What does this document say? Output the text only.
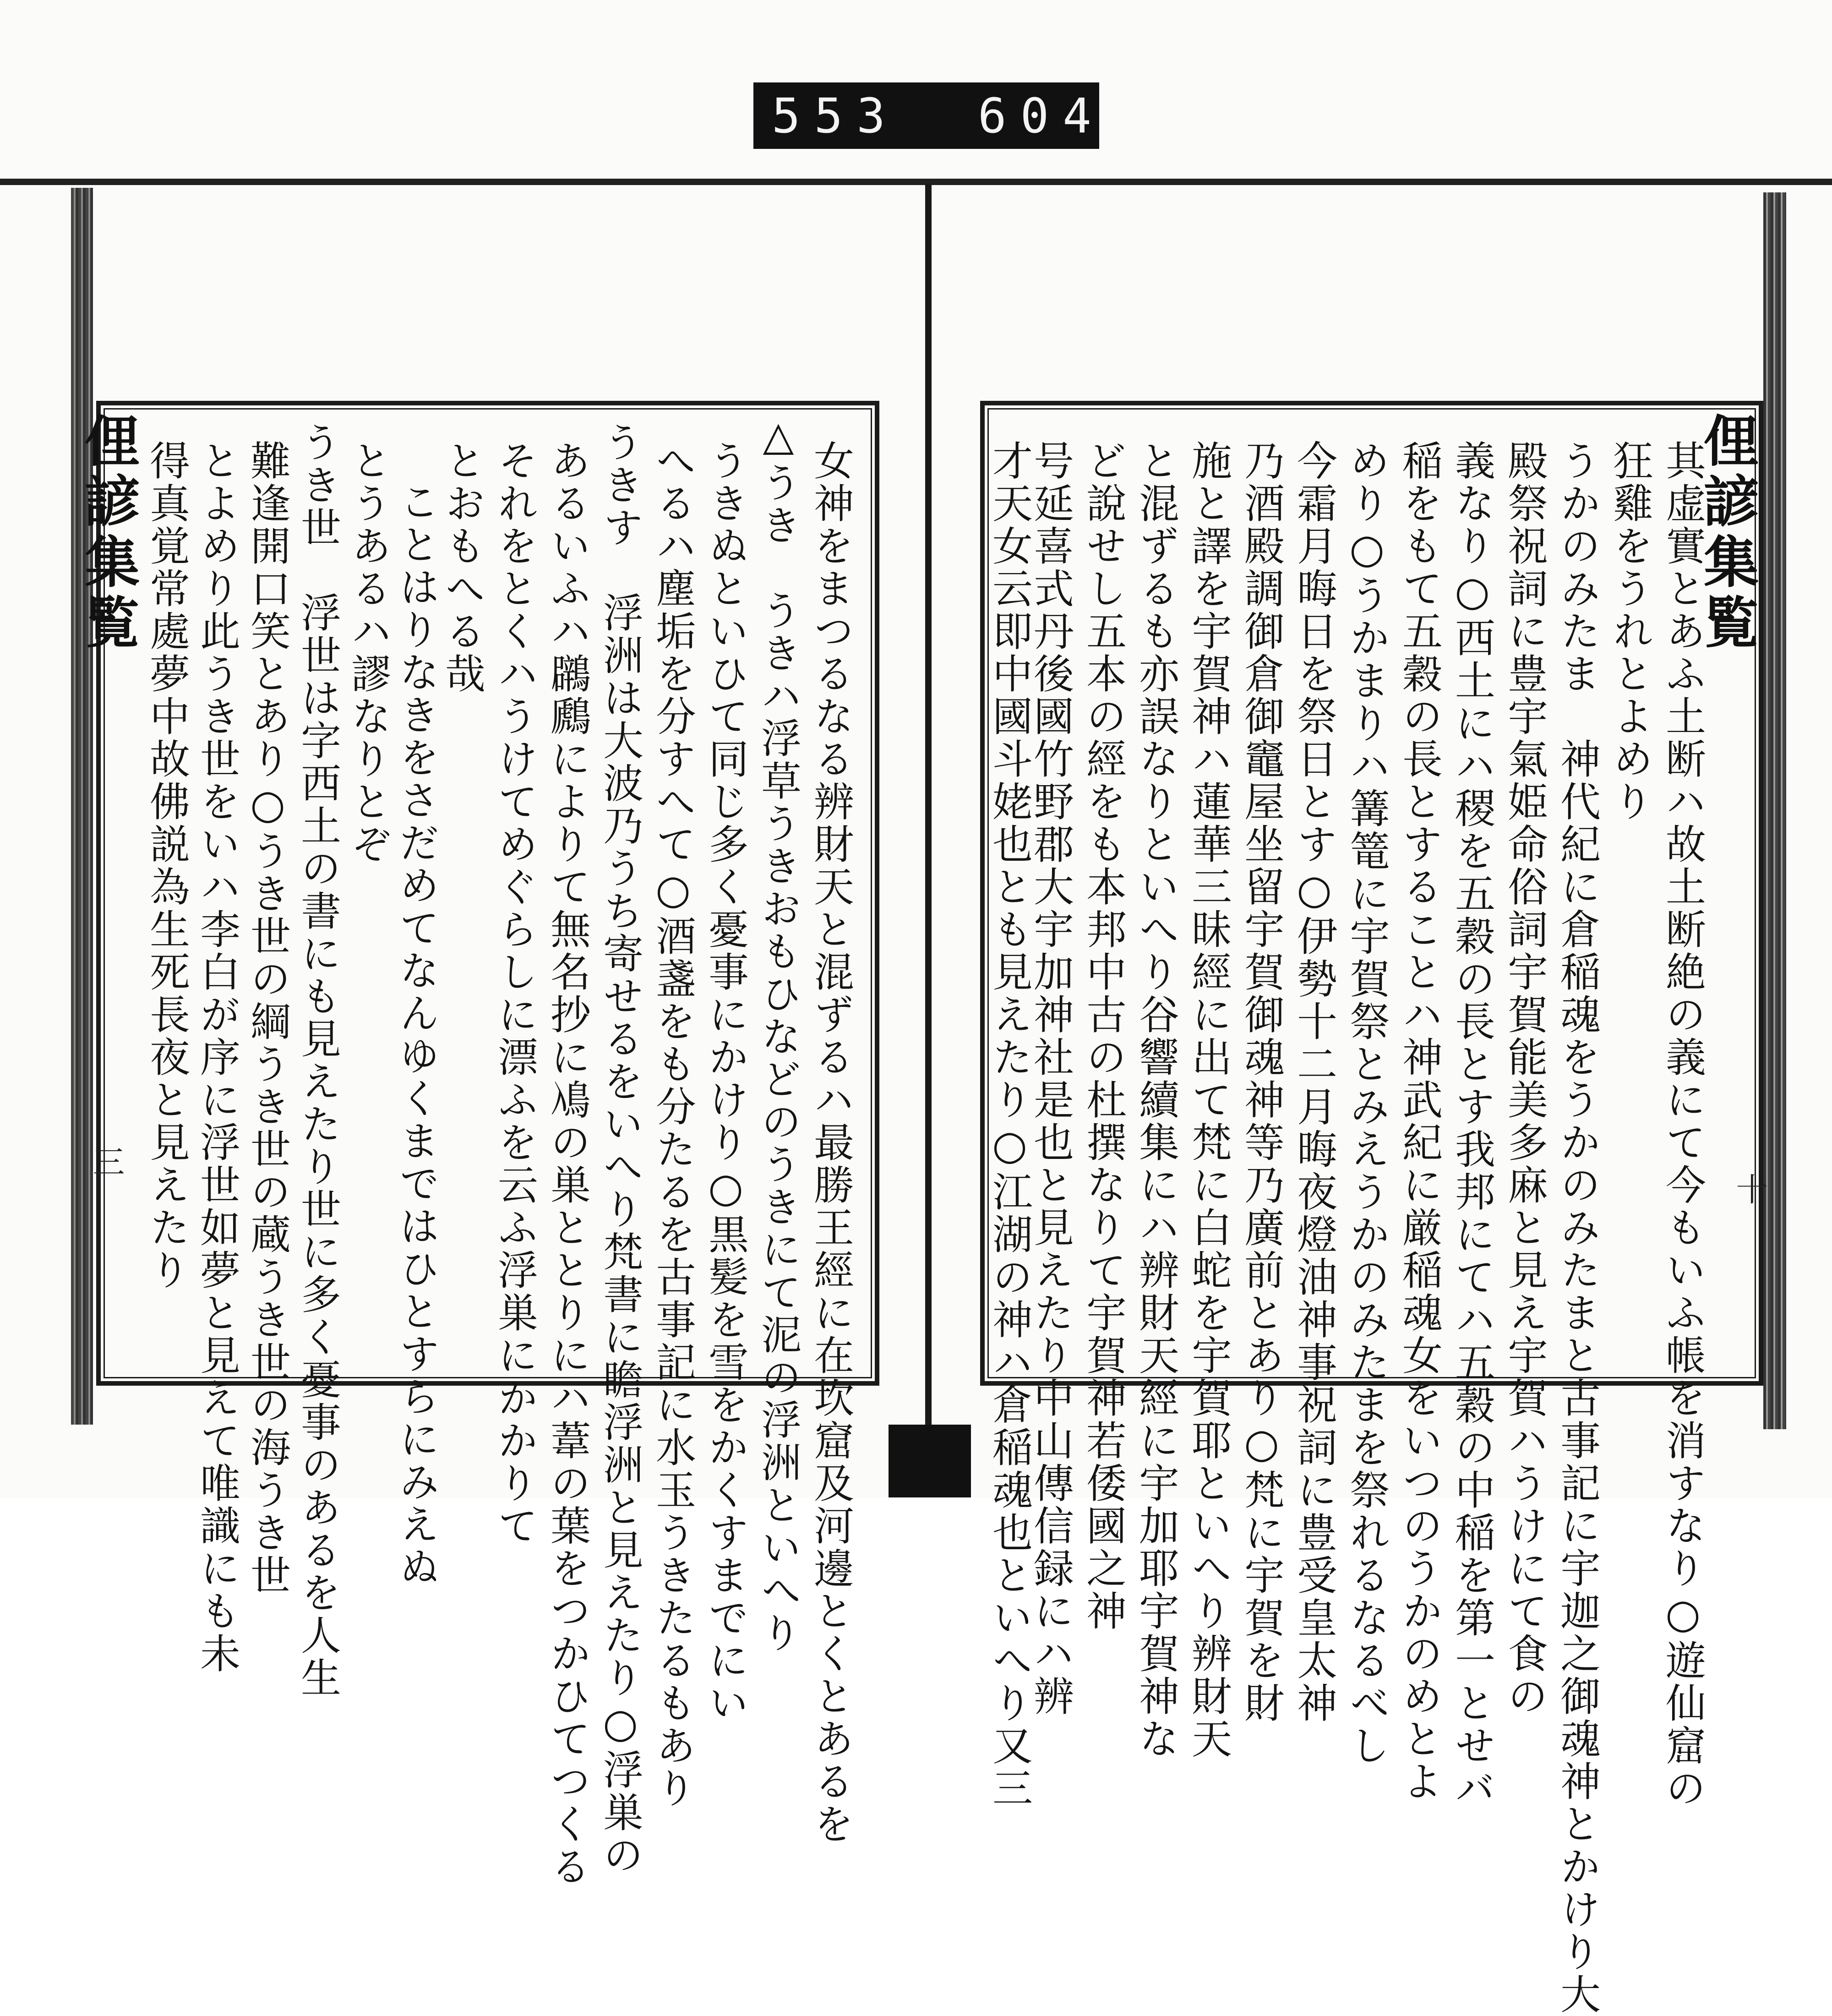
553 604
俚諺集覧
三	女神をまつるなる辨財天と混ずるハ最勝王經に在坎窟及河邊とくとあるを
△うき　うきハ浮草うきおもひなどのうきにて泥の浮洲といへり
うきぬといひて同じ多く憂事にかけり○黒髪を雪をかくすまでにい
へるハ塵垢を分すへて○酒盞をも分たるを古事記に水玉うきたるもあり
うきす　浮洲は大波乃うち寄せるをいへり梵書に瞻浮洲と見えたり○浮巣の
あるいふハ鸊鷉によりて無名抄に鳰の巣ととりにハ葦の葉をつかひてつくる
それをとくハうけてめぐらしに漂ふを云ふ浮巣にかかりて
とおもへる哉
ことはりなきをさだめてなんゆくまではひとすらにみえぬ
とうあるハ謬なりとぞ
うき世　浮世は字西土の書にも見えたり世に多く憂事のあるを人生
難逢開口笑とあり○うき世の綱うき世の蔵うき世の海うき世
とよめり此うき世をいハ李白が序に浮世如夢と見えて唯識にも未
得真覚常處夢中故佛説為生死長夜と見えたり	俚諺集覧
十
其虚實とあふ土断ハ故土断絶の義にて今もいふ帳を消すなり○遊仙窟の
狂雞をうれとよめり
うかのみたま　神代紀に倉稲魂をうかのみたまと古事記に宇迦之御魂神とかけり大
殿祭祝詞に豊宇氣姫命俗詞宇賀能美多麻と見え宇賀ハうけにて食の
義なり○西土にハ稷を五穀の長とす我邦にてハ五穀の中稲を第一とせバ
稲をもて五穀の長とすることハ神武紀に厳稲魂女をいつのうかのめとよ
めり○うかまりハ篝篭に宇賀祭とみえうかのみたまを祭れるなるべし
今霜月晦日を祭日とす○伊勢十二月晦夜燈油神事祝詞に豊受皇太神
乃酒殿調御倉御竈屋坐留宇賀御魂神等乃廣前とあり○梵に宇賀を財
施と譯を宇賀神ハ蓮華三昧經に出て梵に白蛇を宇賀耶といへり辨財天
と混ずるも亦誤なりといへり谷響續集にハ辨財天經に宇加耶宇賀神な
ど說せし五本の經をも本邦中古の杜撰なりて宇賀神若倭國之神
号延喜式丹後國竹野郡大宇加神社是也と見えたり中山傳信録にハ辨
才天女云即中國斗姥也とも見えたり○江湖の神ハ倉稲魂也といへり又三
